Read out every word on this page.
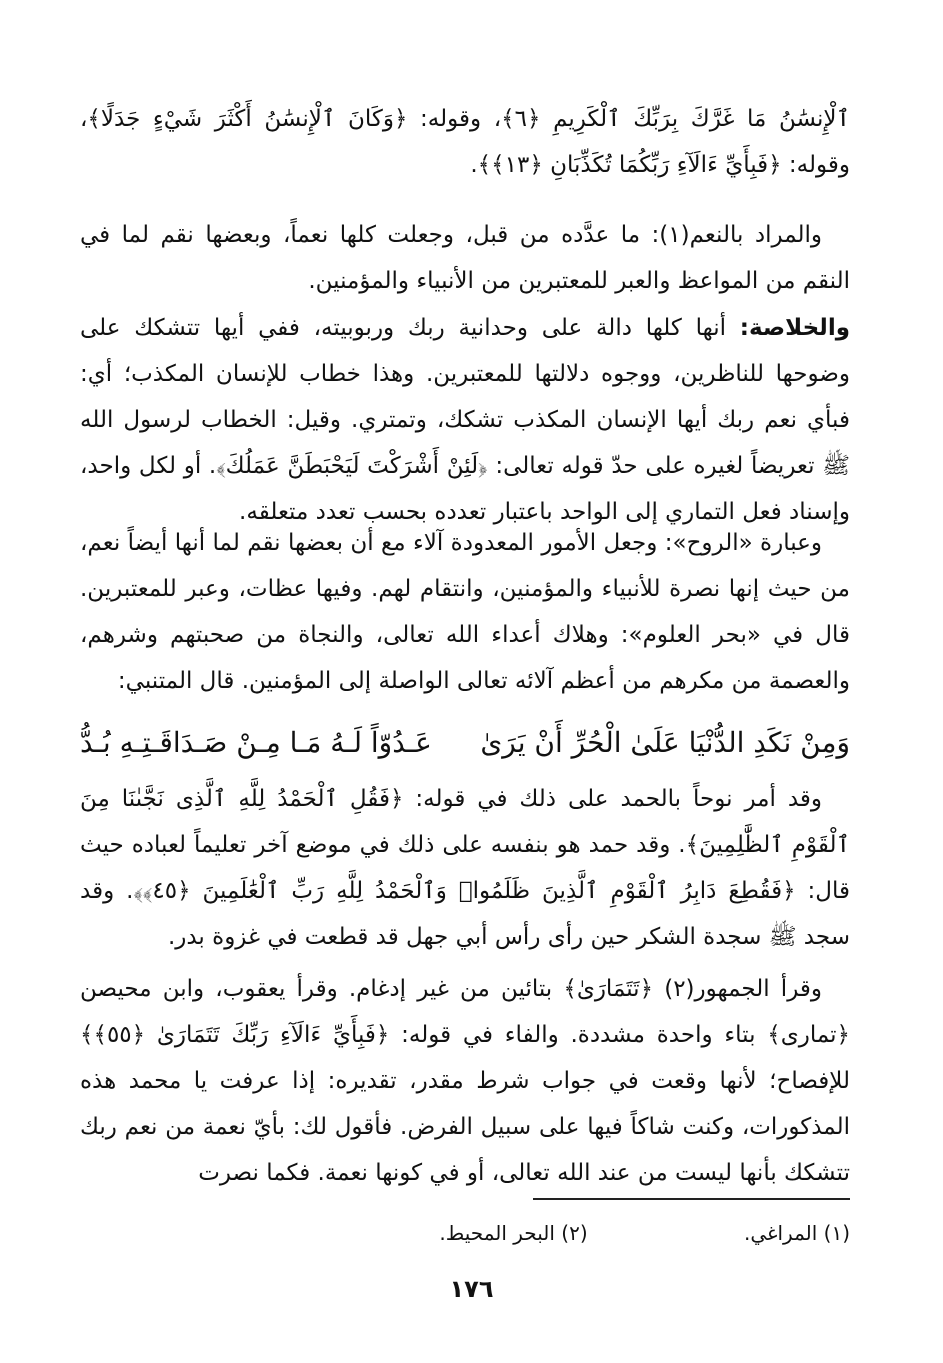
ٱلْإِنسَٰنُ مَا غَرَّكَ بِرَبِّكَ ٱلْكَرِيمِ ﴿٦﴾، وقوله: ﴿وَكَانَ ٱلْإِنسَٰنُ أَكْثَرَ شَيْءٍ جَدَلًا﴾، وقوله: ﴿فَبِأَيِّ ءَالَآءِ رَبِّكُمَا تُكَذِّبَانِ ﴿١٣﴾﴾.

والمراد بالنعم(١): ما عدَّده من قبل، وجعلت كلها نعماً، وبعضها نقم لما في النقم من المواعظ والعبر للمعتبرين من الأنبياء والمؤمنين.

والخلاصة: أنها كلها دالة على وحدانية ربك وربوبيته، ففي أيها تتشكك على وضوحها للناظرين، ووجوه دلالتها للمعتبرين. وهذا خطاب للإنسان المكذب؛ أي: فبأي نعم ربك أيها الإنسان المكذب تشكك، وتمتري. وقيل: الخطاب لرسول الله ﷺ تعريضاً لغيره على حدّ قوله تعالى: ﴿لَئِنْ أَشْرَكْتَ لَيَحْبَطَنَّ عَمَلُكَ﴾. أو لكل واحد، وإسناد فعل التماري إلى الواحد باعتبار تعدده بحسب تعدد متعلقه.

وعبارة «الروح»: وجعل الأمور المعدودة آلاء مع أن بعضها نقم لما أنها أيضاً نعم، من حيث إنها نصرة للأنبياء والمؤمنين، وانتقام لهم. وفيها عظات، وعبر للمعتبرين. قال في «بحر العلوم»: وهلاك أعداء الله تعالى، والنجاة من صحبتهم وشرهم، والعصمة من مكرهم من أعظم آلائه تعالى الواصلة إلى المؤمنين. قال المتنبي:

وَمِنْ نَكَدِ الدُّنْيَا عَلَىٰ الْحُرِّ أَنْ يَرَىٰ
عَـدُوّاً لَـهُ مَـا مِـنْ صَـدَاقَـتِـهِ بُـدُّ

وقد أمر نوحاً بالحمد على ذلك في قوله: ﴿فَقُلِ ٱلْحَمْدُ لِلَّهِ ٱلَّذِى نَجَّىٰنَا مِنَ ٱلْقَوْمِ ٱلظَّٰلِمِينَ﴾. وقد حمد هو بنفسه على ذلك في موضع آخر تعليماً لعباده حيث قال: ﴿فَقُطِعَ دَابِرُ ٱلْقَوْمِ ٱلَّذِينَ ظَلَمُوا۟ وَٱلْحَمْدُ لِلَّهِ رَبِّ ٱلْعَٰلَمِينَ ﴿٤٥﴾﴾. وقد سجد ﷺ سجدة الشكر حين رأى رأس أبي جهل قد قطعت في غزوة بدر.

وقرأ الجمهور(٢) ﴿تَتَمَارَىٰ﴾ بتائين من غير إدغام. وقرأ يعقوب، وابن محيصن ﴿تمارى﴾ بتاء واحدة مشددة. والفاء في قوله: ﴿فَبِأَيِّ ءَالَآءِ رَبِّكَ تَتَمَارَىٰ ﴿٥٥﴾﴾ للإفصاح؛ لأنها وقعت في جواب شرط مقدر، تقديره: إذا عرفت يا محمد هذه المذكورات، وكنت شاكاً فيها على سبيل الفرض. فأقول لك: بأيّ نعمة من نعم ربك تتشكك بأنها ليست من عند الله تعالى، أو في كونها نعمة. فكما نصرت

(١) المراغي. (٢) البحر المحيط.
١٧٦
